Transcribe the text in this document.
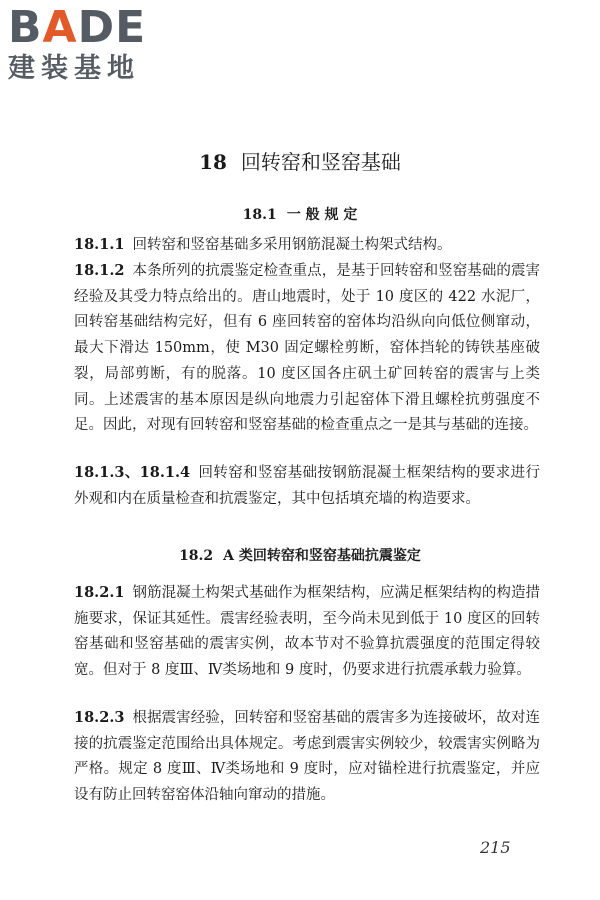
BADE
建装基地
18 回转窑和竖窑基础
18.1 一 般 规 定
18.1.1 回转窑和竖窑基础多采用钢筋混凝土构架式结构。
18.1.2 本条所列的抗震鉴定检查重点，是基于回转窑和竖窑基础的震害经验及其受力特点给出的。唐山地震时，处于 10 度区的 422 水泥厂，回转窑基础结构完好，但有 6 座回转窑的窑体均沿纵向向低位侧窜动，最大下滑达 150mm，使 M30 固定螺栓剪断，窑体挡轮的铸铁基座破裂，局部剪断，有的脱落。10 度区国各庄矾土矿回转窑的震害与上类同。上述震害的基本原因是纵向地震力引起窑体下滑且螺栓抗剪强度不足。因此，对现有回转窑和竖窑基础的检查重点之一是其与基础的连接。
18.1.3、18.1.4 回转窑和竖窑基础按钢筋混凝土框架结构的要求进行外观和内在质量检查和抗震鉴定，其中包括填充墙的构造要求。
18.2 A 类回转窑和竖窑基础抗震鉴定
18.2.1 钢筋混凝土构架式基础作为框架结构，应满足框架结构的构造措施要求，保证其延性。震害经验表明，至今尚未见到低于 10 度区的回转窑基础和竖窑基础的震害实例，故本节对不验算抗震强度的范围定得较宽。但对于 8 度Ⅲ、Ⅳ类场地和 9 度时，仍要求进行抗震承载力验算。
18.2.3 根据震害经验，回转窑和竖窑基础的震害多为连接破坏，故对连接的抗震鉴定范围给出具体规定。考虑到震害实例较少，较震害实例略为严格。规定 8 度Ⅲ、Ⅳ类场地和 9 度时，应对锚栓进行抗震鉴定，并应设有防止回转窑窑体沿轴向窜动的措施。
215
